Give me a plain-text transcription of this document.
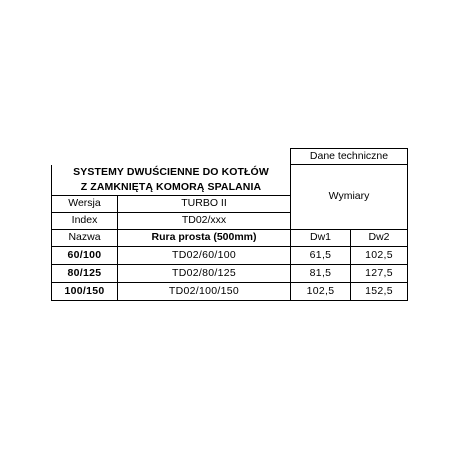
		Dane techniczne	
SYSTEMY DWUŚCIENNE DO KOTŁÓW		Wymiary	
Z ZAMKNIĘTĄ KOMORĄ SPALANIA			
Wersja	TURBO II		
Index	TD02/xxx		
Nazwa	Rura prosta (500mm)	Dw1	Dw2
60/100	TD02/60/100	61,5	102,5
80/125	TD02/80/125	81,5	127,5
100/150	TD02/100/150	102,5	152,5
